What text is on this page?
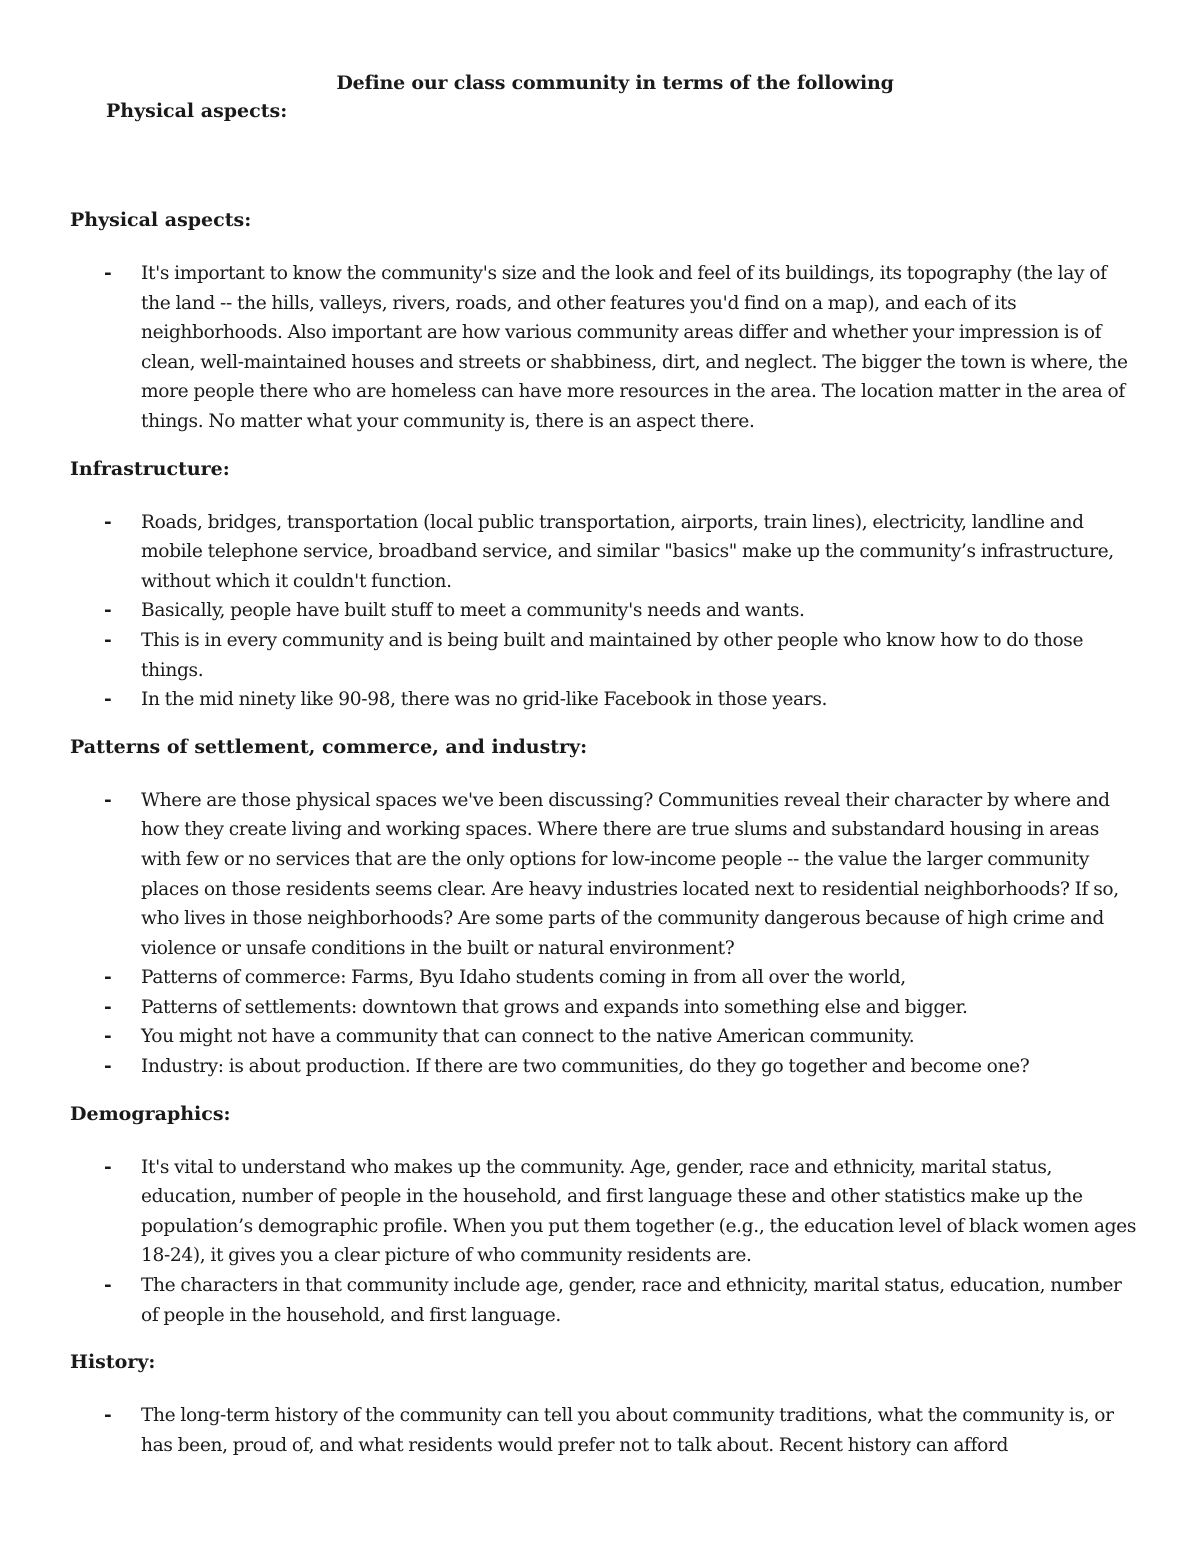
Define our class community in terms of the following
Physical aspects:
Physical aspects:
- It's important to know the community's size and the look and feel of its buildings, its topography (the lay of the land -- the hills, valleys, rivers, roads, and other features you'd find on a map), and each of its neighborhoods. Also important are how various community areas differ and whether your impression is of clean, well-maintained houses and streets or shabbiness, dirt, and neglect. The bigger the town is where, the more people there who are homeless can have more resources in the area. The location matter in the area of things. No matter what your community is, there is an aspect there.
Infrastructure:
- Roads, bridges, transportation (local public transportation, airports, train lines), electricity, landline and mobile telephone service, broadband service, and similar "basics" make up the community’s infrastructure, without which it couldn't function.
- Basically, people have built stuff to meet a community's needs and wants.
- This is in every community and is being built and maintained by other people who know how to do those things.
- In the mid ninety like 90-98, there was no grid-like Facebook in those years.
Patterns of settlement, commerce, and industry:
- Where are those physical spaces we've been discussing? Communities reveal their character by where and how they create living and working spaces. Where there are true slums and substandard housing in areas with few or no services that are the only options for low-income people -- the value the larger community places on those residents seems clear. Are heavy industries located next to residential neighborhoods? If so, who lives in those neighborhoods? Are some parts of the community dangerous because of high crime and violence or unsafe conditions in the built or natural environment?
- Patterns of commerce: Farms, Byu Idaho students coming in from all over the world,
- Patterns of settlements: downtown that grows and expands into something else and bigger.
- You might not have a community that can connect to the native American community.
- Industry: is about production. If there are two communities, do they go together and become one?
Demographics:
- It's vital to understand who makes up the community. Age, gender, race and ethnicity, marital status, education, number of people in the household, and first language these and other statistics make up the population’s demographic profile. When you put them together (e.g., the education level of black women ages 18-24), it gives you a clear picture of who community residents are.
- The characters in that community include age, gender, race and ethnicity, marital status, education, number of people in the household, and first language.
History:
- The long-term history of the community can tell you about community traditions, what the community is, or has been, proud of, and what residents would prefer not to talk about. Recent history can afford
